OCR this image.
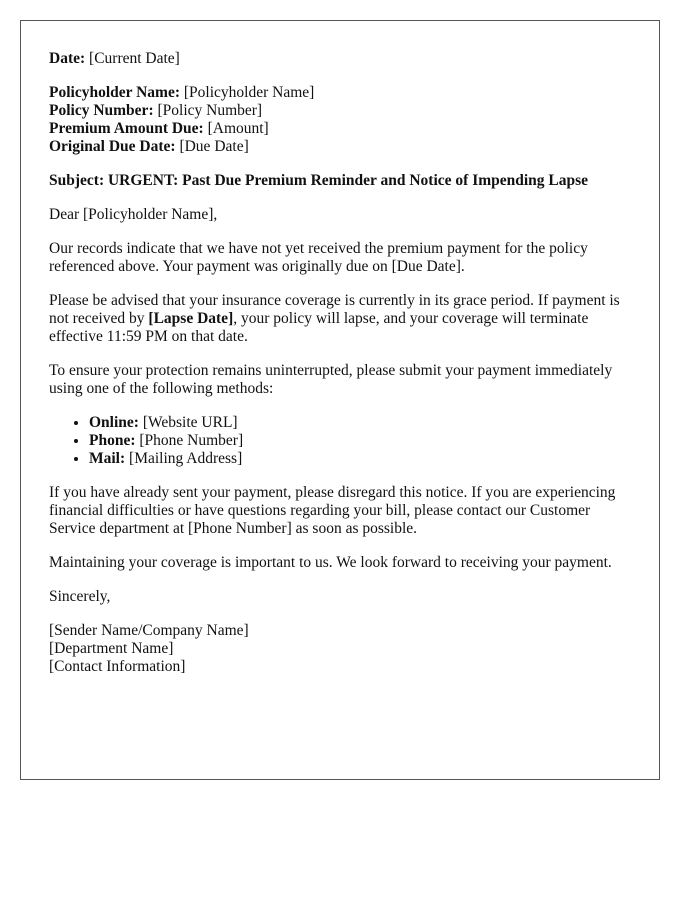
Date: [Current Date]

Policyholder Name: [Policyholder Name]
Policy Number: [Policy Number]
Premium Amount Due: [Amount]
Original Due Date: [Due Date]

Subject: URGENT: Past Due Premium Reminder and Notice of Impending Lapse

Dear [Policyholder Name],

Our records indicate that we have not yet received the premium payment for the policy referenced above. Your payment was originally due on [Due Date].

Please be advised that your insurance coverage is currently in its grace period. If payment is not received by [Lapse Date], your policy will lapse, and your coverage will terminate effective 11:59 PM on that date.

To ensure your protection remains uninterrupted, please submit your payment immediately using one of the following methods:

• Online: [Website URL]
• Phone: [Phone Number]
• Mail: [Mailing Address]

If you have already sent your payment, please disregard this notice. If you are experiencing financial difficulties or have questions regarding your bill, please contact our Customer Service department at [Phone Number] as soon as possible.

Maintaining your coverage is important to us. We look forward to receiving your payment.

Sincerely,

[Sender Name/Company Name]
[Department Name]
[Contact Information]
